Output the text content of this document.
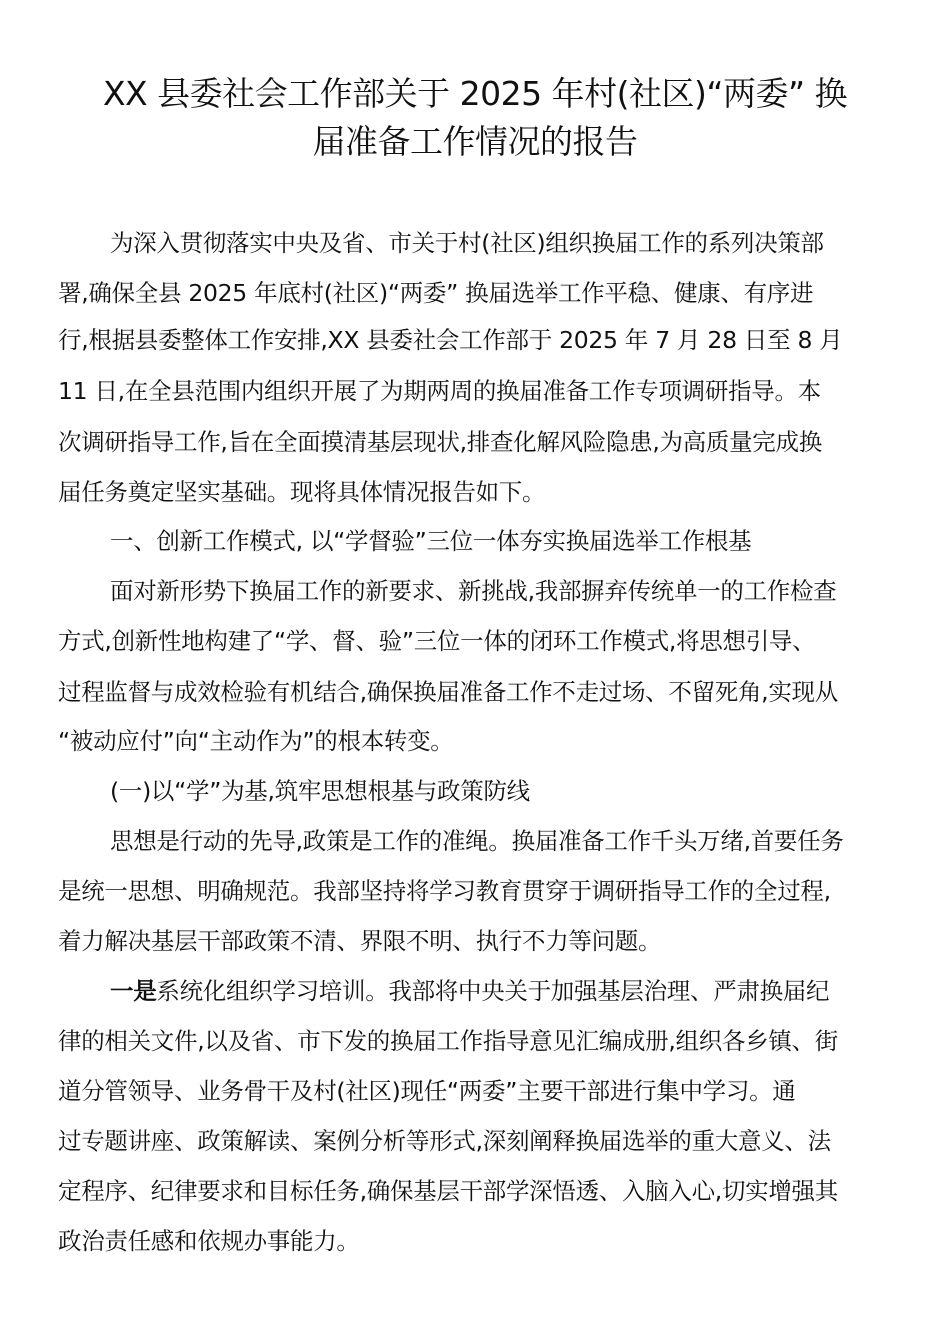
XX 县委社会工作部关于 2025 年村(社区)“两委” 换
届准备工作情况的报告
为深入贯彻落实中央及省、市关于村(社区)组织换届工作的系列决策部
署,确保全县 2025 年底村(社区)“两委” 换届选举工作平稳、健康、有序进
行,根据县委整体工作安排,XX 县委社会工作部于 2025 年 7 月 28 日至 8 月
11 日,在全县范围内组织开展了为期两周的换届准备工作专项调研指导。本
次调研指导工作,旨在全面摸清基层现状,排查化解风险隐患,为高质量完成换
届任务奠定坚实基础。现将具体情况报告如下。
一、创新工作模式, 以“学督验”三位一体夯实换届选举工作根基
面对新形势下换届工作的新要求、新挑战,我部摒弃传统单一的工作检查
方式,创新性地构建了“学、督、验”三位一体的闭环工作模式,将思想引导、
过程监督与成效检验有机结合,确保换届准备工作不走过场、不留死角,实现从
“被动应付”向“主动作为”的根本转变。
(一)以“学”为基,筑牢思想根基与政策防线
思想是行动的先导,政策是工作的准绳。换届准备工作千头万绪,首要任务
是统一思想、明确规范。我部坚持将学习教育贯穿于调研指导工作的全过程,
着力解决基层干部政策不清、界限不明、执行不力等问题。
一是系统化组织学习培训。我部将中央关于加强基层治理、严肃换届纪
律的相关文件,以及省、市下发的换届工作指导意见汇编成册,组织各乡镇、街
道分管领导、业务骨干及村(社区)现任“两委”主要干部进行集中学习。通
过专题讲座、政策解读、案例分析等形式,深刻阐释换届选举的重大意义、法
定程序、纪律要求和目标任务,确保基层干部学深悟透、入脑入心,切实增强其
政治责任感和依规办事能力。
